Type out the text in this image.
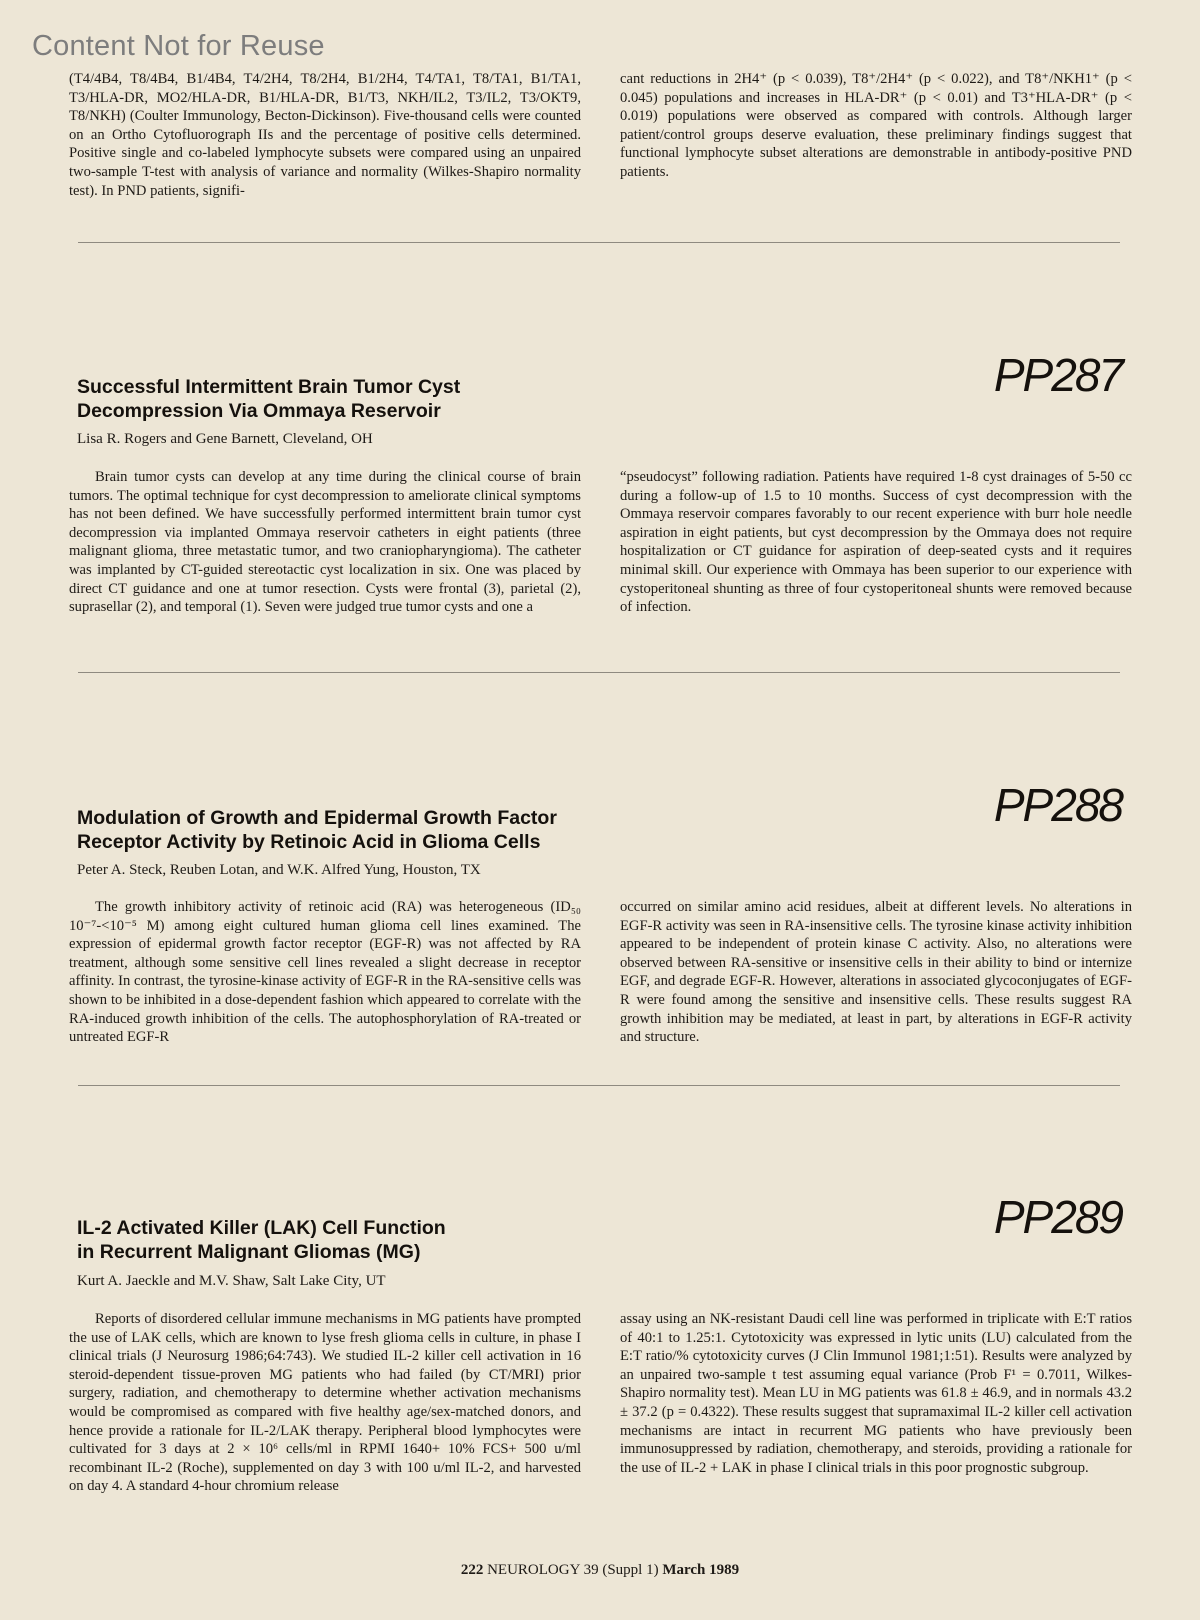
Content Not for Reuse

(T4/4B4, T8/4B4, B1/4B4, T4/2H4, T8/2H4, B1/2H4, T4/TA1, T8/TA1, B1/TA1, T3/HLA-DR, MO2/HLA-DR, B1/HLA-DR, B1/T3, NKH/IL2, T3/IL2, T3/OKT9, T8/NKH) (Coulter Immunology, Becton-Dickinson). Five-thousand cells were counted on an Ortho Cytofluorograph IIs and the percentage of positive cells determined. Positive single and co-labeled lymphocyte subsets were compared using an unpaired two-sample T-test with analysis of variance and normality (Wilkes-Shapiro normality test). In PND patients, signifi-

cant reductions in 2H4⁺ (p < 0.039), T8⁺/2H4⁺ (p < 0.022), and T8⁺/NKH1⁺ (p < 0.045) populations and increases in HLA-DR⁺ (p < 0.01) and T3⁺HLA-DR⁺ (p < 0.019) populations were observed as compared with controls. Although larger patient/control groups deserve evaluation, these preliminary findings suggest that functional lymphocyte subset alterations are demonstrable in antibody-positive PND patients.

PP287
Successful Intermittent Brain Tumor Cyst
Decompression Via Ommaya Reservoir
Lisa R. Rogers and Gene Barnett, Cleveland, OH

Brain tumor cysts can develop at any time during the clinical course of brain tumors. The optimal technique for cyst decompression to ameliorate clinical symptoms has not been defined. We have successfully performed intermittent brain tumor cyst decompression via implanted Ommaya reservoir catheters in eight patients (three malignant glioma, three metastatic tumor, and two craniopharyngioma). The catheter was implanted by CT-guided stereotactic cyst localization in six. One was placed by direct CT guidance and one at tumor resection. Cysts were frontal (3), parietal (2), suprasellar (2), and temporal (1). Seven were judged true tumor cysts and one a

“pseudocyst” following radiation. Patients have required 1-8 cyst drainages of 5-50 cc during a follow-up of 1.5 to 10 months. Success of cyst decompression with the Ommaya reservoir compares favorably to our recent experience with burr hole needle aspiration in eight patients, but cyst decompression by the Ommaya does not require hospitalization or CT guidance for aspiration of deep-seated cysts and it requires minimal skill. Our experience with Ommaya has been superior to our experience with cystoperitoneal shunting as three of four cystoperitoneal shunts were removed because of infection.

PP288
Modulation of Growth and Epidermal Growth Factor
Receptor Activity by Retinoic Acid in Glioma Cells
Peter A. Steck, Reuben Lotan, and W.K. Alfred Yung, Houston, TX

The growth inhibitory activity of retinoic acid (RA) was heterogeneous (ID₅₀ 10⁻⁷-<10⁻⁵ M) among eight cultured human glioma cell lines examined. The expression of epidermal growth factor receptor (EGF-R) was not affected by RA treatment, although some sensitive cell lines revealed a slight decrease in receptor affinity. In contrast, the tyrosine-kinase activity of EGF-R in the RA-sensitive cells was shown to be inhibited in a dose-dependent fashion which appeared to correlate with the RA-induced growth inhibition of the cells. The autophosphorylation of RA-treated or untreated EGF-R

occurred on similar amino acid residues, albeit at different levels. No alterations in EGF-R activity was seen in RA-insensitive cells. The tyrosine kinase activity inhibition appeared to be independent of protein kinase C activity. Also, no alterations were observed between RA-sensitive or insensitive cells in their ability to bind or internize EGF, and degrade EGF-R. However, alterations in associated glycoconjugates of EGF-R were found among the sensitive and insensitive cells. These results suggest RA growth inhibition may be mediated, at least in part, by alterations in EGF-R activity and structure.

PP289
IL-2 Activated Killer (LAK) Cell Function
in Recurrent Malignant Gliomas (MG)
Kurt A. Jaeckle and M.V. Shaw, Salt Lake City, UT

Reports of disordered cellular immune mechanisms in MG patients have prompted the use of LAK cells, which are known to lyse fresh glioma cells in culture, in phase I clinical trials (J Neurosurg 1986;64:743). We studied IL-2 killer cell activation in 16 steroid-dependent tissue-proven MG patients who had failed (by CT/MRI) prior surgery, radiation, and chemotherapy to determine whether activation mechanisms would be compromised as compared with five healthy age/sex-matched donors, and hence provide a rationale for IL-2/LAK therapy. Peripheral blood lymphocytes were cultivated for 3 days at 2 × 10⁶ cells/ml in RPMI 1640+ 10% FCS+ 500 u/ml recombinant IL-2 (Roche), supplemented on day 3 with 100 u/ml IL-2, and harvested on day 4. A standard 4-hour chromium release

assay using an NK-resistant Daudi cell line was performed in triplicate with E:T ratios of 40:1 to 1.25:1. Cytotoxicity was expressed in lytic units (LU) calculated from the E:T ratio/% cytotoxicity curves (J Clin Immunol 1981;1:51). Results were analyzed by an unpaired two-sample t test assuming equal variance (Prob F¹ = 0.7011, Wilkes-Shapiro normality test). Mean LU in MG patients was 61.8 ± 46.9, and in normals 43.2 ± 37.2 (p = 0.4322). These results suggest that supramaximal IL-2 killer cell activation mechanisms are intact in recurrent MG patients who have previously been immunosuppressed by radiation, chemotherapy, and steroids, providing a rationale for the use of IL-2 + LAK in phase I clinical trials in this poor prognostic subgroup.

222 NEUROLOGY 39 (Suppl 1) March 1989
